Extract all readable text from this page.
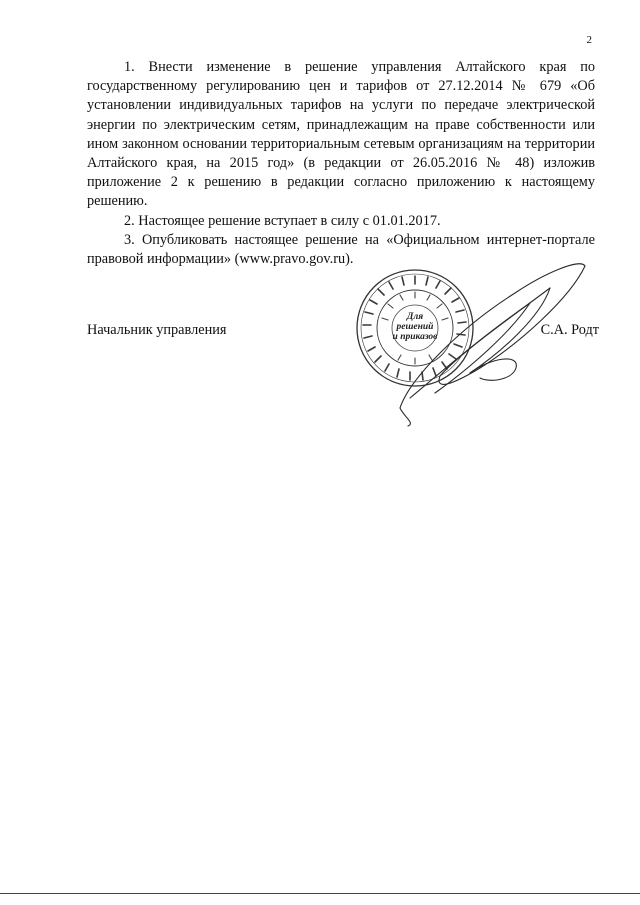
2

1. Внести изменение в решение управления Алтайского края по государственному регулированию цен и тарифов от 27.12.2014 № 679 «Об установлении индивидуальных тарифов на услуги по передаче электрической энергии по электрическим сетям, принадлежащим на праве собственности или ином законном основании территориальным сетевым организациям на территории Алтайского края, на 2015 год» (в редакции от 26.05.2016 № 48) изложив приложение 2 к решению в редакции согласно приложению к настоящему решению.

2. Настоящее решение вступает в силу с 01.01.2017.

3. Опубликовать настоящее решение на «Официальном интернет-портале правовой информации» (www.pravo.gov.ru).

Для решений
и приказов
Начальник управления	С.А. Родт
